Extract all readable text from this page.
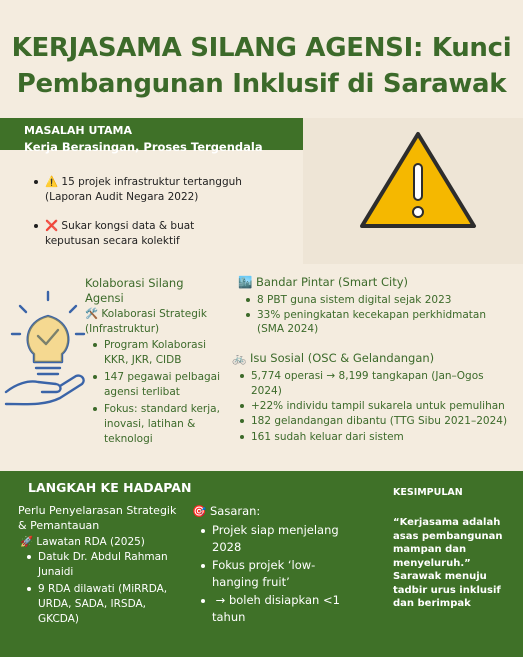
KERJASAMA SILANG AGENSI: Kunci
Pembangunan Inklusif di Sarawak
MASALAH UTAMA
Kerja Berasingan, Proses Tergendala
⚠️ 15 projek infrastruktur tertangguh
(Laporan Audit Negara 2022)
❌ Sukar kongsi data & buat
keputusan secara kolektif
Kolaborasi Silang
Agensi
🛠️ Kolaborasi Strategik
(Infrastruktur)
Program Kolaborasi
KKR, JKR, CIDB
147 pegawai pelbagai
agensi terlibat
Fokus: standard kerja,
inovasi, latihan &
teknologi
🏙️ Bandar Pintar (Smart City)
8 PBT guna sistem digital sejak 2023
33% peningkatan kecekapan perkhidmatan
(SMA 2024)
🚲 Isu Sosial (OSC & Gelandangan)
5,774 operasi → 8,199 tangkapan (Jan–Ogos
2024)
+22% individu tampil sukarela untuk pemulihan
182 gelandangan dibantu (TTG Sibu 2021–2024)
161 sudah keluar dari sistem
LANGKAH KE HADAPAN
Perlu Penyelarasan Strategik
& Pemantauan
🚀 Lawatan RDA (2025)
Datuk Dr. Abdul Rahman
Junaidi
9 RDA dilawati (MiRRDA,
URDA, SADA, IRSDA,
GKCDA)
🎯 Sasaran:
Projek siap menjelang
2028
Fokus projek ‘low-
hanging fruit’
→ boleh disiapkan <1
tahun
KESIMPULAN
“Kerjasama adalah
asas pembangunan
mampan dan
menyeluruh.”
Sarawak menuju
tadbir urus inklusif
dan berimpak
